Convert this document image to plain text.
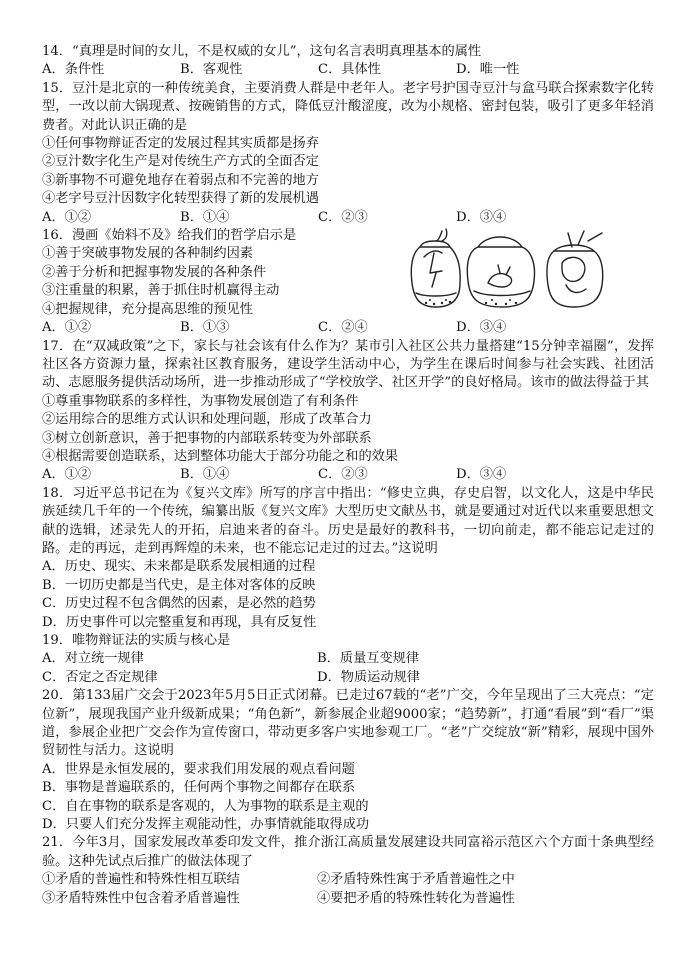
14．“真理是时间的女儿，不是权威的女儿”，这句名言表明真理基本的属性
A．条件性	B．客观性	C．具体性	D．唯一性
15．豆汁是北京的一种传统美食，主要消费人群是中老年人。老字号护国寺豆汁与盒马联合探索数字化转型，一改以前大锅现煮、按碗销售的方式，降低豆汁酸涩度，改为小规格、密封包装，吸引了更多年轻消费者。对此认识正确的是
①任何事物辩证否定的发展过程其实质都是扬弃
②豆汁数字化生产是对传统生产方式的全面否定
③新事物不可避免地存在着弱点和不完善的地方
④老字号豆汁因数字化转型获得了新的发展机遇
A．①②	B．①④	C．②③	D．③④
16．漫画《始料不及》给我们的哲学启示是
①善于突破事物发展的各种制约因素
②善于分析和把握事物发展的各种条件
③注重量的积累，善于抓住时机赢得主动
④把握规律，充分提高思维的预见性
A．①②	B．①③	C．②④	D．③④
17．在“双减政策”之下，家长与社会该有什么作为？某市引入社区公共力量搭建“15分钟幸福圈”，发挥社区各方资源力量，探索社区教育服务，建设学生活动中心，为学生在课后时间参与社会实践、社团活动、志愿服务提供活动场所，进一步推动形成了“学校放学、社区开学”的良好格局。该市的做法得益于其
①尊重事物联系的多样性，为事物发展创造了有利条件
②运用综合的思维方式认识和处理问题，形成了改革合力
③树立创新意识，善于把事物的内部联系转变为外部联系
④根据需要创造联系，达到整体功能大于部分功能之和的效果
A．①②	B．①④	C．②③	D．③④
18．习近平总书记在为《复兴文库》所写的序言中指出：“修史立典，存史启智，以文化人，这是中华民族延续几千年的一个传统，编纂出版《复兴文库》大型历史文献丛书，就是要通过对近代以来重要思想文献的选辑，述录先人的开拓，启迪来者的奋斗。历史是最好的教科书，一切向前走，都不能忘记走过的路。走的再远，走到再辉煌的未来，也不能忘记走过的过去。”这说明
A．历史、现实、未来都是联系发展相通的过程
B．一切历史都是当代史，是主体对客体的反映
C．历史过程不包含偶然的因素，是必然的趋势
D．历史事件可以完整重复和再现，具有反复性
19．唯物辩证法的实质与核心是
A．对立统一规律	B．质量互变规律
C．否定之否定规律	D．物质运动规律
20．第133届广交会于2023年5月5日正式闭幕。已走过67载的“老”广交，今年呈现出了三大亮点：“定位新”，展现我国产业升级新成果；“角色新”，新参展企业超9000家；“趋势新”，打通“看展”到“看厂”渠道，参展企业把广交会作为宣传窗口，带动更多客户实地参观工厂。“老”广交绽放“新”精彩，展现中国外贸韧性与活力。这说明
A．世界是永恒发展的，要求我们用发展的观点看问题
B．事物是普遍联系的，任何两个事物之间都存在联系
C．自在事物的联系是客观的，人为事物的联系是主观的
D．只要人们充分发挥主观能动性，办事情就能取得成功
21．今年3月，国家发展改革委印发文件，推介浙江高质量发展建设共同富裕示范区六个方面十条典型经验。这种先试点后推广的做法体现了
①矛盾的普遍性和特殊性相互联结	②矛盾特殊性寓于矛盾普遍性之中
③矛盾特殊性中包含着矛盾普遍性	④要把矛盾的特殊性转化为普遍性
